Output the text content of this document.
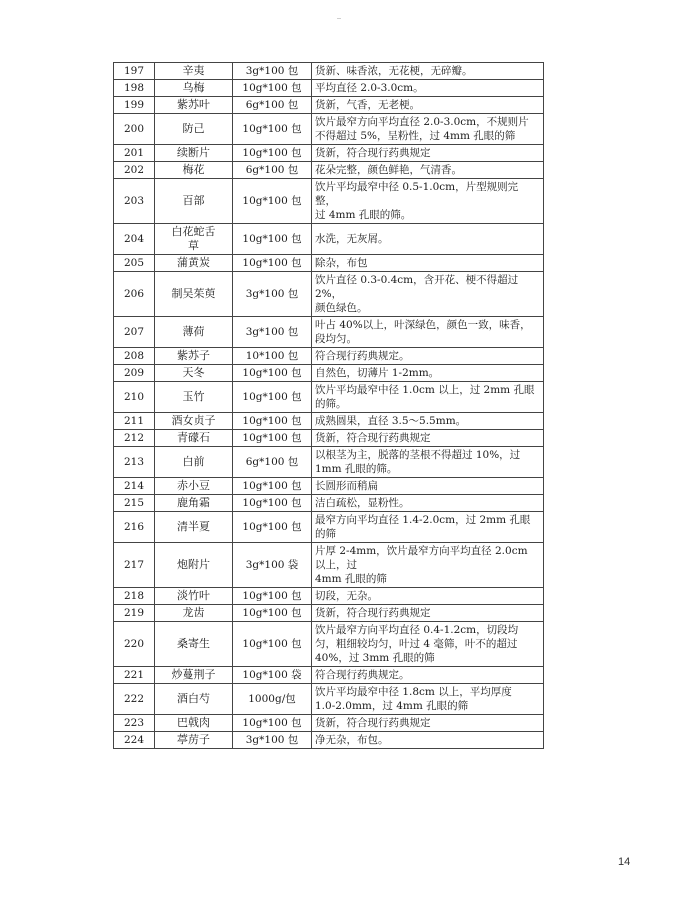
197	辛夷	3g*100 包	货新、味香浓，无花梗，无碎瓣。
198	乌梅	10g*100 包	平均直径 2.0-3.0cm。
199	紫苏叶	6g*100 包	货新，气香，无老梗。
200	防己	10g*100 包	饮片最窄方向平均直径 2.0-3.0cm，不规则片
不得超过 5%，呈粉性，过 4mm 孔眼的筛
201	续断片	10g*100 包	货新，符合现行药典规定
202	梅花	6g*100 包	花朵完整，颜色鲜艳，气清香。
203	百部	10g*100 包	饮片平均最窄中径 0.5-1.0cm，片型规则完
整，
过 4mm 孔眼的筛。
204	白花蛇舌
草	10g*100 包	水洗，无灰屑。
205	蒲黄炭	10g*100 包	除杂，布包
206	制吴茱萸	3g*100 包	饮片直径 0.3-0.4cm，含开花、梗不得超过
2%，
颜色绿色。
207	薄荷	3g*100 包	叶占 40%以上，叶深绿色，颜色一致，味香，
段均匀。
208	紫苏子	10*100 包	符合现行药典规定。
209	天冬	10g*100 包	自然色，切薄片 1-2mm。
210	玉竹	10g*100 包	饮片平均最窄中径 1.0cm 以上，过 2mm 孔眼
的筛。
211	酒女贞子	10g*100 包	成熟圆果，直径 3.5～5.5mm。
212	青礞石	10g*100 包	货新，符合现行药典规定
213	白前	6g*100 包	以根茎为主，脱落的茎根不得超过 10%，过
1mm 孔眼的筛。
214	赤小豆	10g*100 包	长圆形而稍扁
215	鹿角霜	10g*100 包	洁白疏松，显粉性。
216	清半夏	10g*100 包	最窄方向平均直径 1.4-2.0cm，过 2mm 孔眼
的筛
217	炮附片	3g*100 袋	片厚 2-4mm，饮片最窄方向平均直径 2.0cm
以上，过
4mm 孔眼的筛
218	淡竹叶	10g*100 包	切段，无杂。
219	龙齿	10g*100 包	货新，符合现行药典规定
220	桑寄生	10g*100 包	饮片最窄方向平均直径 0.4-1.2cm，切段均
匀，粗细较均匀，叶过 4 毫筛，叶不的超过
40%，过 3mm 孔眼的筛
221	炒蔓荆子	10g*100 袋	符合现行药典规定。
222	酒白芍	1000g/包	饮片平均最窄中径 1.8cm 以上，平均厚度
1.0-2.0mm，过 4mm 孔眼的筛
223	巴戟肉	10g*100 包	货新，符合现行药典规定
224	葶苈子	3g*100 包	净无杂，布包。
14
